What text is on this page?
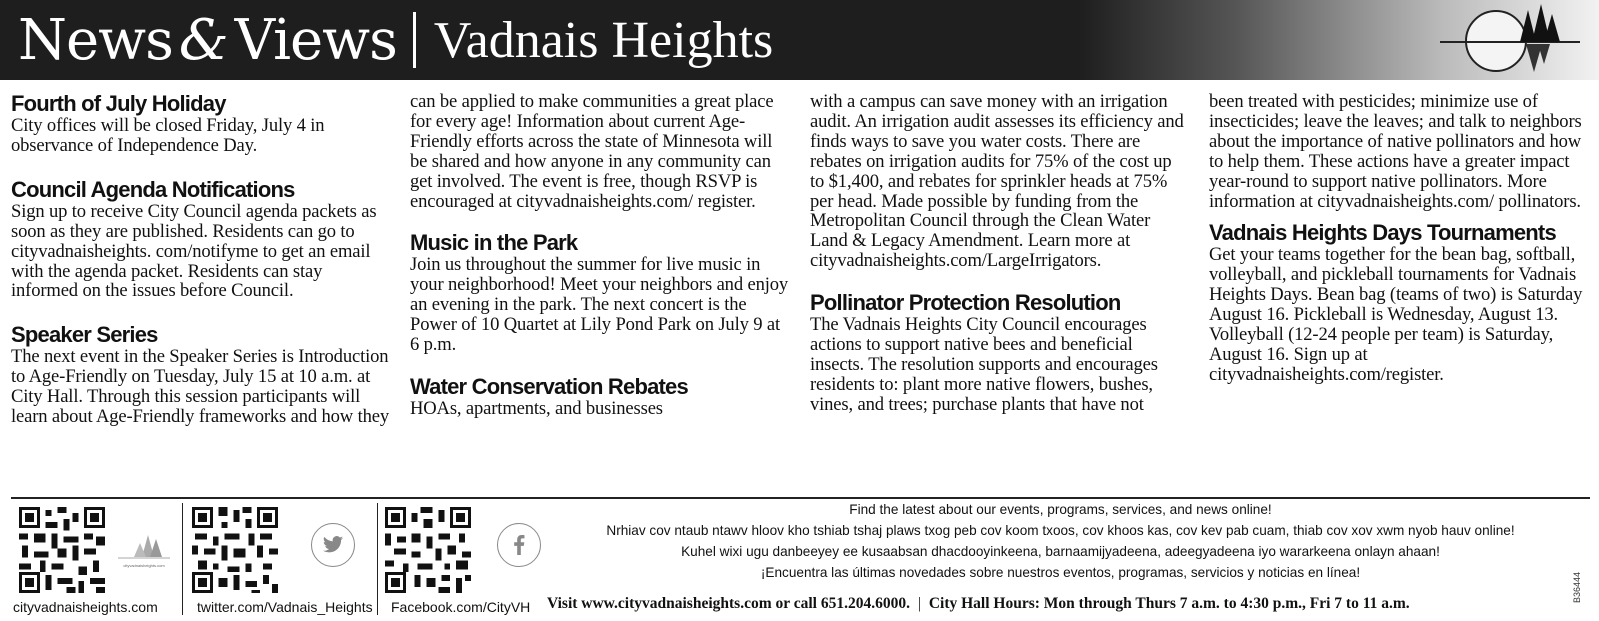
News & Views Vadnais Heights
Fourth of July Holiday

City offices will be closed Friday, July 4 in observance of Independence Day.

Council Agenda Notifications

Sign up to receive City Council agenda packets as soon as they are published. Residents can go to cityvadnaisheights. com/notifyme to get an email with the agenda packet. Residents can stay informed on the issues before Council.

Speaker Series

The next event in the Speaker Series is Introduction to Age-Friendly on Tuesday, July 15 at 10 a.m. at City Hall. Through this session participants will learn about Age-Friendly frameworks and how they

can be applied to make communities a great place for every age! Information about current Age-Friendly efforts across the state of Minnesota will be shared and how anyone in any community can get involved. The event is free, though RSVP is encouraged at cityvadnaisheights.com/ register.

Music in the Park

Join us throughout the summer for live music in your neighborhood! Meet your neighbors and enjoy an evening in the park. The next concert is the Power of 10 Quartet at Lily Pond Park on July 9 at 6 p.m.

Water Conservation Rebates

HOAs, apartments, and businesses

with a campus can save money with an irrigation audit. An irrigation audit assesses its efficiency and finds ways to save you water costs. There are rebates on irrigation audits for 75% of the cost up to $1,400, and rebates for sprinkler heads at 75% per head. Made possible by funding from the Metropolitan Council through the Clean Water Land & Legacy Amendment. Learn more at cityvadnaisheights.com/LargeIrrigators.

Pollinator Protection Resolution

The Vadnais Heights City Council encourages actions to support native bees and beneficial insects. The resolution supports and encourages residents to: plant more native flowers, bushes, vines, and trees; purchase plants that have not

been treated with pesticides; minimize use of insecticides; leave the leaves; and talk to neighbors about the importance of native pollinators and how to help them. These actions have a greater impact year-round to support native pollinators. More information at cityvadnaisheights.com/ pollinators.

Vadnais Heights Days Tournaments

Get your teams together for the bean bag, softball, volleyball, and pickleball tournaments for Vadnais Heights Days. Bean bag (teams of two) is Saturday August 16. Pickleball is Wednesday, August 13. Volleyball (12-24 people per team) is Saturday, August 16. Sign up at cityvadnaisheights.com/register.

cityvadnaisheights.com
cityvadnaisheights.com	twitter.com/Vadnais_Heights Facebook.com/CityVH
Find the latest about our events, programs, services, and news online!
Nrhiav cov ntaub ntawv hloov kho tshiab tshaj plaws txog peb cov koom txoos, cov khoos kas, cov kev pab cuam, thiab cov xov xwm nyob hauv online!
Kuhel wixi ugu danbeeyey ee kusaabsan dhacdooyinkeena, barnaamijyadeena, adeegyadeena iyo wararkeena onlayn ahaan!
¡Encuentra las últimas novedades sobre nuestros eventos, programas, servicios y noticias en línea!
Visit www.cityvadnaisheights.com or call 651.204.6000. | City Hall Hours: Mon through Thurs 7 a.m. to 4:30 p.m., Fri 7 to 11 a.m.
B36444
